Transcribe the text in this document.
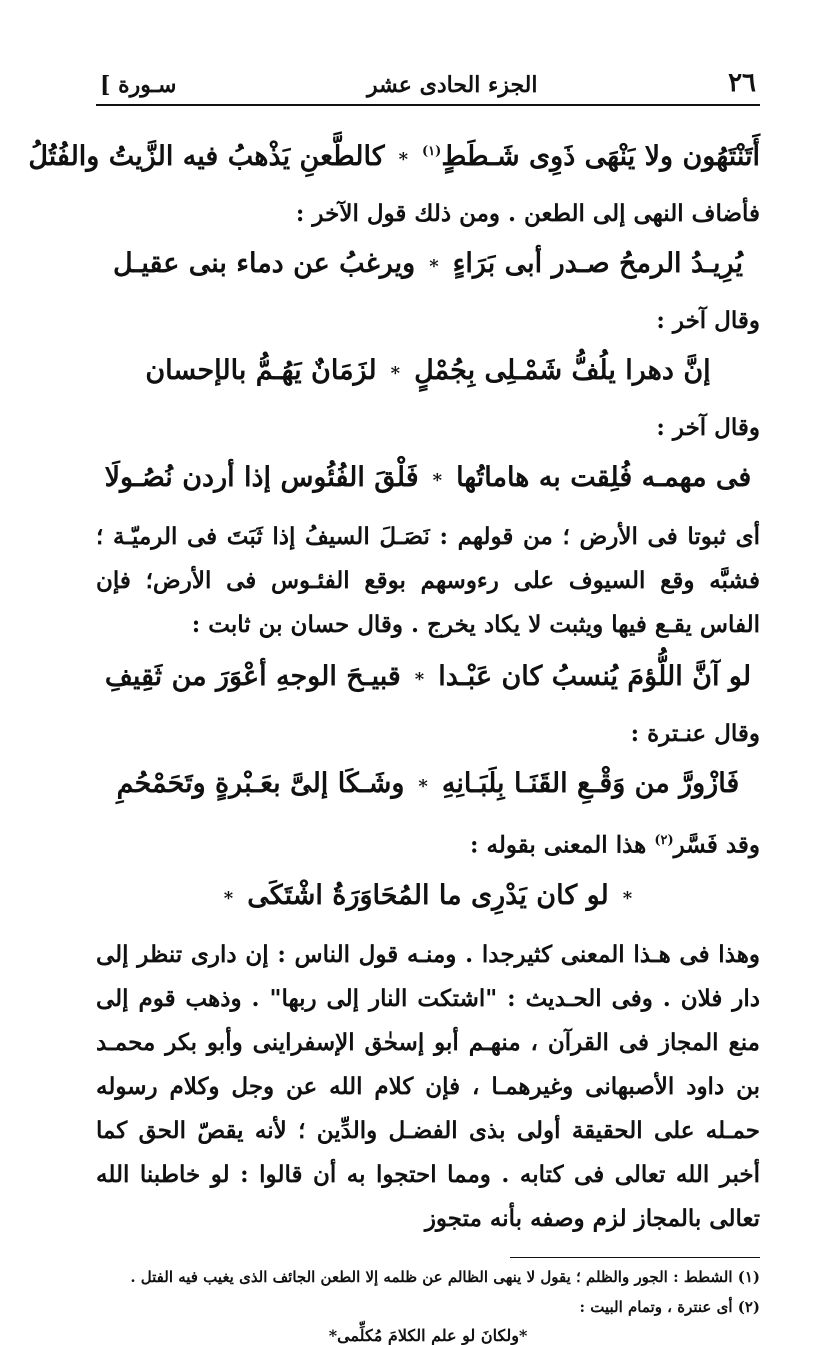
٢٦
الجزء الحادى عشر
سـورة ]
أَتَنْتَهُون ولا يَنْهَى ذَوِى شَـطَطٍ$^{(١)}$*كالطَّعنِ يَذْهبُ فيه الزَّيتُ والفُتُلُ

فأضاف النهى إلى الطعن . ومن ذلك قول الآخر :

يُرِيـدُ الرمحُ صـدر أبى بَرَاءٍ*ويرغبُ عن دماء بنى عقيـل

وقال آخر :

إنَّ دهرا يلُفُّ شَمْـلِى بِجُمْلٍ*لزَمَانٌ يَهُـمُّ بالإحسان

وقال آخر :

فى مهمـه فُلِقت به هاماتُها*فَلْقَ الفُئُوس إذا أردن نُصُـولَا

أى ثبوتا فى الأرض ؛ من قولهم : نَصَـلَ السيفُ إذا ثَبَتَ فى الرميّـة ؛ فشبَّه وقع السيوف على رءوسهم بوقع الفئـوس فى الأرض؛ فإن الفاس يقـع فيها ويثبت لا يكاد يخرج . وقال حسان بن ثابت :

لو آنَّ اللُّؤمَ يُنسبُ كان عَبْـدا*قبيـحَ الوجهِ أعْوَرَ من ثَقِيفِ

وقال عنـترة :

فَازْورَّ من وَقْـعِ القَنَـا بِلَبَـانِهِ*وشَـكَا إلىَّ بعَـبْرةٍ وتَحَمْحُمِ

وقد فَسَّر$^{(٢)}$ هذا المعنى بقوله :

*لو كان يَدْرِى ما المُحَاوَرَةُ اشْتَكَى*

وهذا فى هـذا المعنى كثيرجدا . ومنـه قول الناس : إن دارى تنظر إلى دار فلان . وفى الحـديث : "اشتكت النار إلى ربها" . وذهب قوم إلى منع المجاز فى القرآن ، منهـم أبو إسحٰق الإسفراينى وأبو بكر محمـد بن داود الأصبهانى وغيرهمـا ، فإن كلام الله عن وجل وكلام رسوله حمـله على الحقيقة أولى بذى الفضـل والدِّين ؛ لأنه يقصّ الحق كما أخبر الله تعالى فى كتابه . ومما احتجوا به أن قالوا : لو خاطبنا الله تعالى بالمجاز لزم وصفه بأنه متجوز

(١) الشطط : الجور والظلم ؛ يقول لا ينهى الظالم عن ظلمه إلا الطعن الجائف الذى يغيب فيه الفتل .

(٢) أى عنترة ، وتمام البيت :

*ولكانَ لو علم الكلامَ مُكلِّمى*
